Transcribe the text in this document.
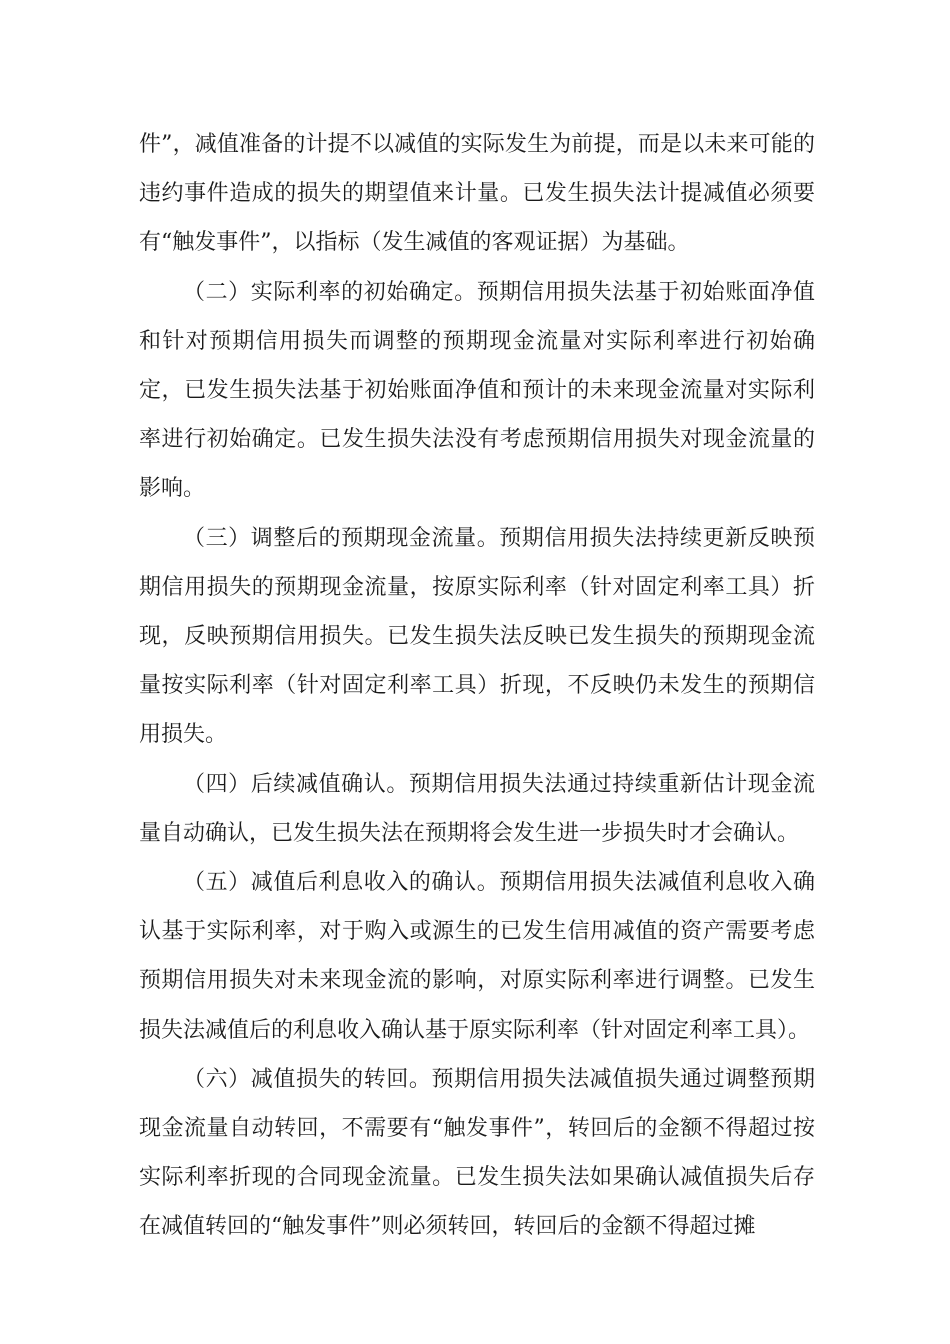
件”，减值准备的计提不以减值的实际发生为前提，而是以未来可能的违约事件造成的损失的期望值来计量。已发生损失法计提减值必须要有“触发事件”，以指标（发生减值的客观证据）为基础。

（二）实际利率的初始确定。预期信用损失法基于初始账面净值和针对预期信用损失而调整的预期现金流量对实际利率进行初始确定，已发生损失法基于初始账面净值和预计的未来现金流量对实际利率进行初始确定。已发生损失法没有考虑预期信用损失对现金流量的影响。

（三）调整后的预期现金流量。预期信用损失法持续更新反映预期信用损失的预期现金流量，按原实际利率（针对固定利率工具）折现，反映预期信用损失。已发生损失法反映已发生损失的预期现金流量按实际利率（针对固定利率工具）折现，不反映仍未发生的预期信用损失。

（四）后续减值确认。预期信用损失法通过持续重新估计现金流量自动确认，已发生损失法在预期将会发生进一步损失时才会确认。

（五）减值后利息收入的确认。预期信用损失法减值利息收入确认基于实际利率，对于购入或源生的已发生信用减值的资产需要考虑预期信用损失对未来现金流的影响，对原实际利率进行调整。已发生损失法减值后的利息收入确认基于原实际利率（针对固定利率工具）。

（六）减值损失的转回。预期信用损失法减值损失通过调整预期现金流量自动转回，不需要有“触发事件”，转回后的金额不得超过按实际利率折现的合同现金流量。已发生损失法如果确认减值损失后存在减值转回的“触发事件”则必须转回，转回后的金额不得超过摊
